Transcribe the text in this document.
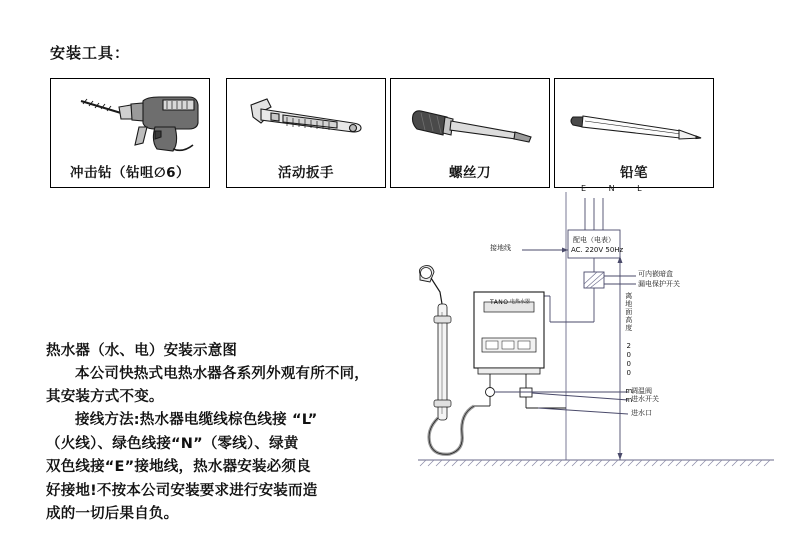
安装工具：
冲击钻（钻咀∅6）	活动扳手	螺丝刀	铅笔

热水器（水、电）安装示意图

本公司快热式电热水器各系列外观有所不同，其安装方式不变。

接线方法:热水器电缆线棕色线接 “L”

（火线）、绿色线接“N”（零线）、绿黄

双色线接“E”接地线，热水器安装必须良

好接地!不按本公司安装要求进行安装而造

成的一切后果自负。

E N L
配电（电表）
AC. 220V 50Hz
接地线
可内嵌暗盒
漏电保护开关
离地面高度
2000 mm
调温阀
进水开关
进水口
TANO 电热水器
